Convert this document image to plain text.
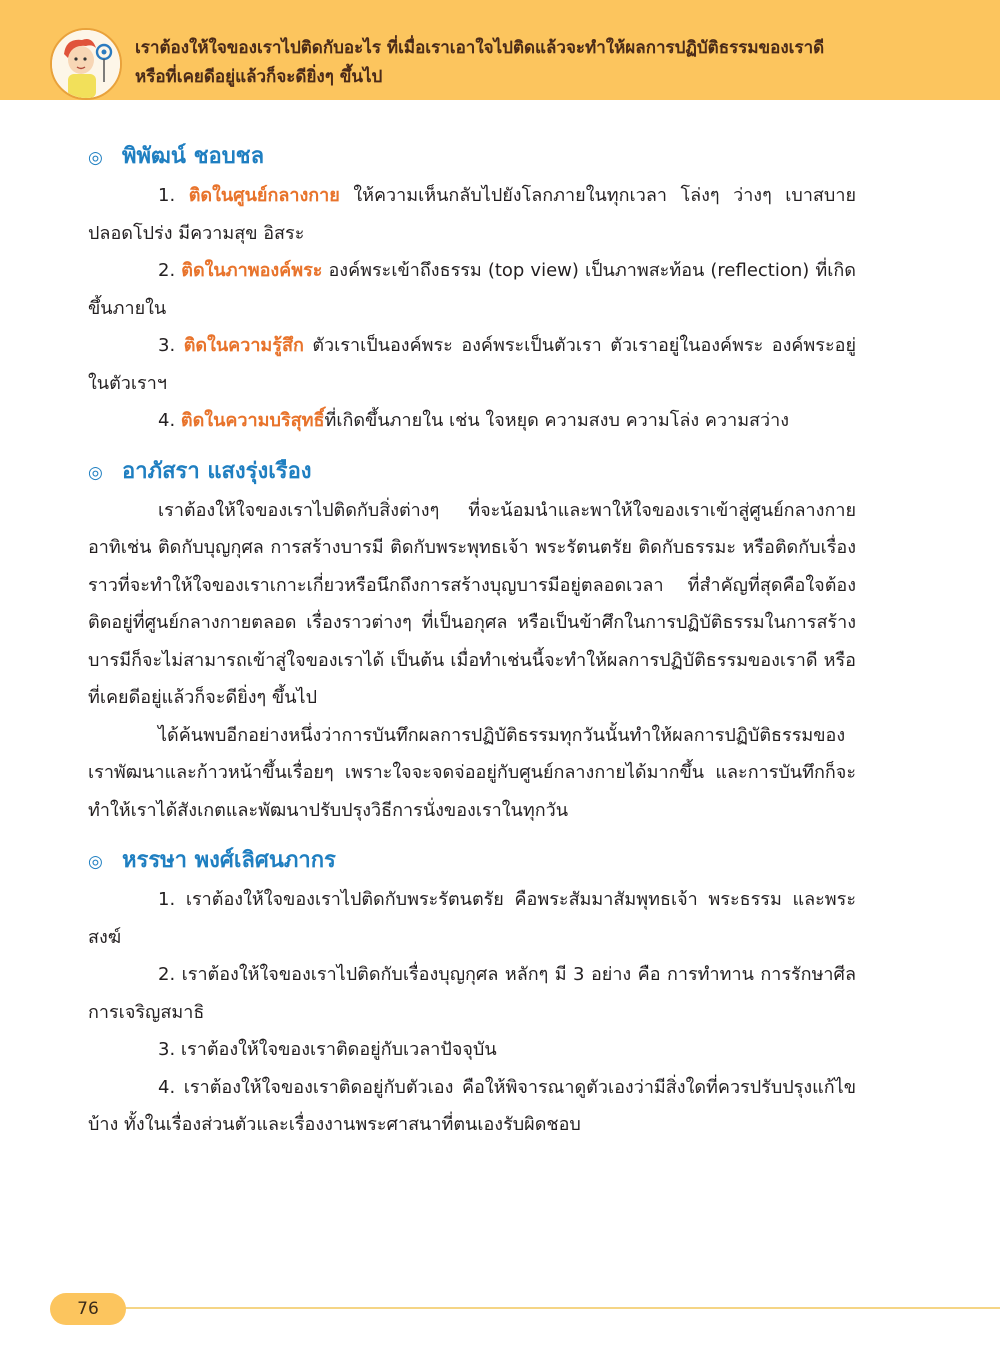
เราต้องให้ใจของเราไปติดกับอะไร ที่เมื่อเราเอาใจไปติดแล้วจะทำให้ผลการปฏิบัติธรรมของเราดี
หรือที่เคยดีอยู่แล้วก็จะดียิ่งๆ ขึ้นไป
◎ พิพัฒน์ ชอบชล

1. ติดในศูนย์กลางกาย ให้ความเห็นกลับไปยังโลกภายในทุกเวลา โล่งๆ ว่างๆ เบาสบาย ปลอดโปร่ง มีความสุข อิสระ

2. ติดในภาพองค์พระ องค์พระเข้าถึงธรรม (top view) เป็นภาพสะท้อน (reflection) ที่เกิดขึ้นภายใน

3. ติดในความรู้สึก ตัวเราเป็นองค์พระ องค์พระเป็นตัวเรา ตัวเราอยู่ในองค์พระ องค์พระอยู่ในตัวเราฯ

4. ติดในความบริสุทธิ์ที่เกิดขึ้นภายใน เช่น ใจหยุด ความสงบ ความโล่ง ความสว่าง

◎ อาภัสรา แสงรุ่งเรือง

เราต้องให้ใจของเราไปติดกับสิ่งต่างๆ ที่จะน้อมนำและพาให้ใจของเราเข้าสู่ศูนย์กลางกาย อาทิเช่น ติดกับบุญกุศล การสร้างบารมี ติดกับพระพุทธเจ้า พระรัตนตรัย ติดกับธรรมะ หรือติดกับเรื่องราวที่จะทำให้ใจของเราเกาะเกี่ยวหรือนึกถึงการสร้างบุญบารมีอยู่ตลอดเวลา ที่สำคัญที่สุดคือใจต้องติดอยู่ที่ศูนย์กลางกายตลอด เรื่องราวต่างๆ ที่เป็นอกุศล หรือเป็นข้าศึกในการปฏิบัติธรรมในการสร้างบารมีก็จะไม่สามารถเข้าสู่ใจของเราได้ เป็นต้น เมื่อทำเช่นนี้จะทำให้ผลการปฏิบัติธรรมของเราดี หรือที่เคยดีอยู่แล้วก็จะดียิ่งๆ ขึ้นไป

ได้ค้นพบอีกอย่างหนึ่งว่าการบันทึกผลการปฏิบัติธรรมทุกวันนั้นทำให้ผลการปฏิบัติธรรมของเราพัฒนาและก้าวหน้าขึ้นเรื่อยๆ เพราะใจจะจดจ่ออยู่กับศูนย์กลางกายได้มากขึ้น และการบันทึกก็จะทำให้เราได้สังเกตและพัฒนาปรับปรุงวิธีการนั่งของเราในทุกวัน

◎ หรรษา พงศ์เลิศนภากร

1. เราต้องให้ใจของเราไปติดกับพระรัตนตรัย คือพระสัมมาสัมพุทธเจ้า พระธรรม และพระสงฆ์

2. เราต้องให้ใจของเราไปติดกับเรื่องบุญกุศล หลักๆ มี 3 อย่าง คือ การทำทาน การรักษาศีล การเจริญสมาธิ

3. เราต้องให้ใจของเราติดอยู่กับเวลาปัจจุบัน

4. เราต้องให้ใจของเราติดอยู่กับตัวเอง คือให้พิจารณาดูตัวเองว่ามีสิ่งใดที่ควรปรับปรุงแก้ไขบ้าง ทั้งในเรื่องส่วนตัวและเรื่องงานพระศาสนาที่ตนเองรับผิดชอบ

76
